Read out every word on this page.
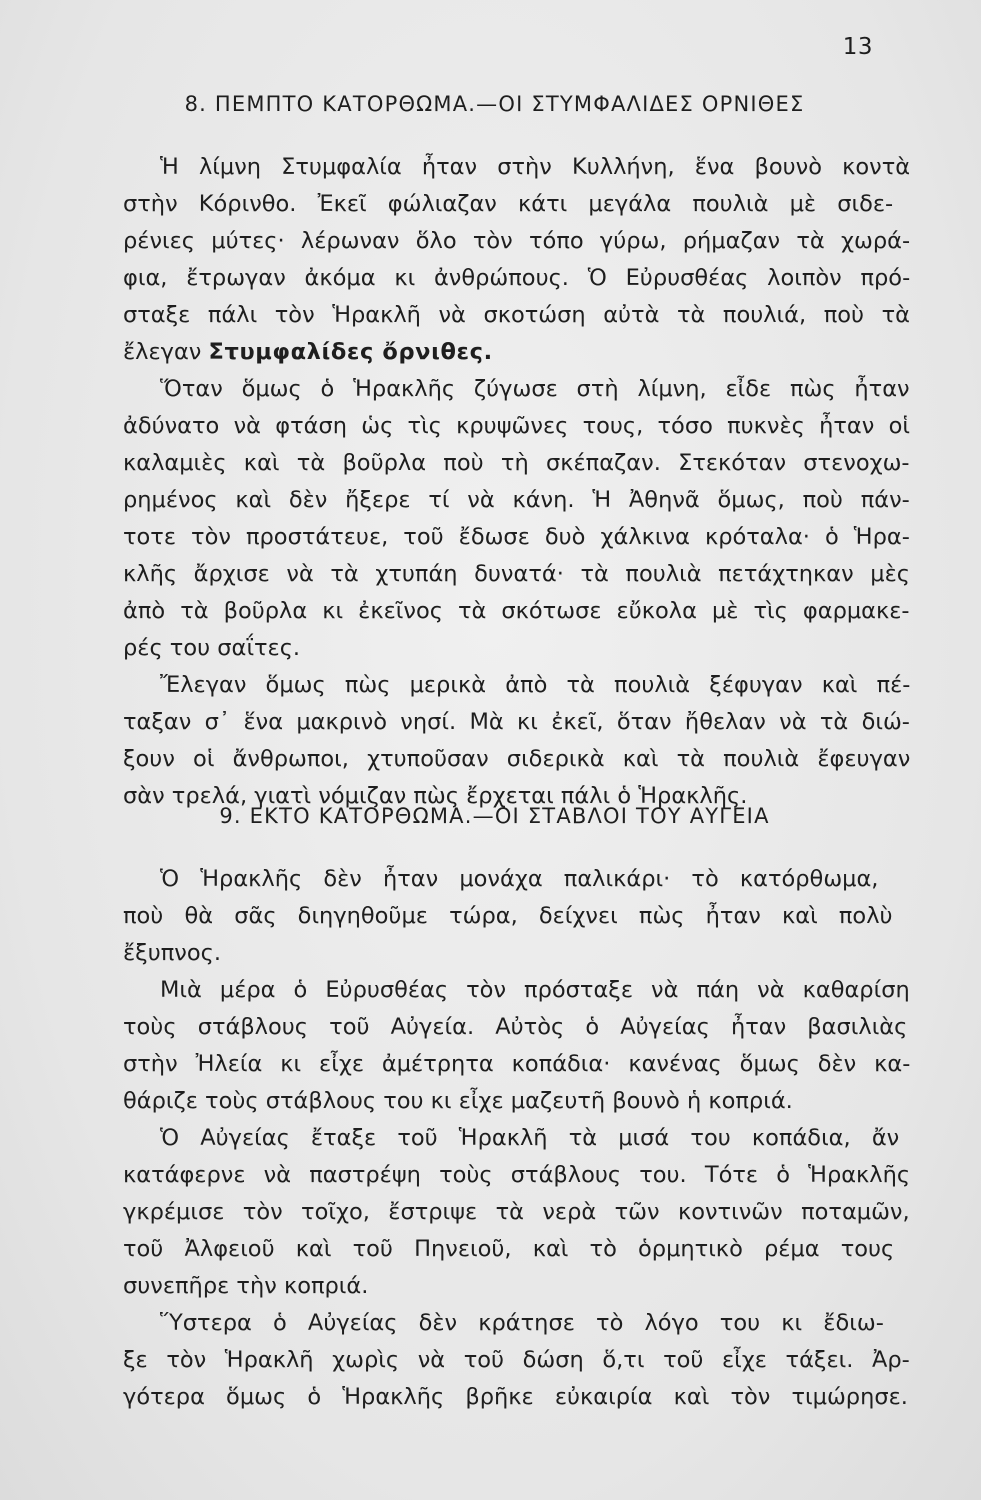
13
8. ΠΕΜΠΤΟ ΚΑΤΟΡΘΩΜΑ.—ΟΙ ΣΤΥΜΦΑΛΙΔΕΣ ΟΡΝΙΘΕΣ
Ἡ λίμνη Στυμφαλία ἦταν στὴν Κυλλήνη, ἕνα βουνὸ κοντὰ
στὴν Κόρινθο. Ἐκεῖ φώλιαζαν κάτι μεγάλα πουλιὰ μὲ σιδε-
ρένιες μύτες· λέρωναν ὅλο τὸν τόπο γύρω, ρήμαζαν τὰ χωρά-
φια, ἔτρωγαν ἀκόμα κι ἀνθρώπους. Ὁ Εὐρυσθέας λοιπὸν πρό-
σταξε πάλι τὸν Ἡρακλῆ νὰ σκοτώση αὐτὰ τὰ πουλιά, ποὺ τὰ
ἔλεγαν Στυμφαλίδες ὄρνιθες.
Ὅταν ὅμως ὁ Ἡρακλῆς ζύγωσε στὴ λίμνη, εἶδε πὼς ἦταν
ἀδύνατο νὰ φτάση ὡς τὶς κρυψῶνες τους, τόσο πυκνὲς ἦταν οἱ
καλαμιὲς καὶ τὰ βοῦρλα ποὺ τὴ σκέπαζαν. Στεκόταν στενοχω-
ρημένος καὶ δὲν ἤξερε τί νὰ κάνη. Ἡ Ἀθηνᾶ ὅμως, ποὺ πάν-
τοτε τὸν προστάτευε, τοῦ ἔδωσε δυὸ χάλκινα κρόταλα· ὁ Ἡρα-
κλῆς ἄρχισε νὰ τὰ χτυπάη δυνατά· τὰ πουλιὰ πετάχτηκαν μὲς
ἀπὸ τὰ βοῦρλα κι ἐκεῖνος τὰ σκότωσε εὔκολα μὲ τὶς φαρμακε-
ρές του σαΐτες.
Ἔλεγαν ὅμως πὼς μερικὰ ἀπὸ τὰ πουλιὰ ξέφυγαν καὶ πέ-
ταξαν σ᾽ ἕνα μακρινὸ νησί. Μὰ κι ἐκεῖ, ὅταν ἤθελαν νὰ τὰ διώ-
ξουν οἱ ἄνθρωποι, χτυποῦσαν σιδερικὰ καὶ τὰ πουλιὰ ἔφευγαν
σὰν τρελά, γιατὶ νόμιζαν πὼς ἔρχεται πάλι ὁ Ἡρακλῆς.
9. ΕΚΤΟ ΚΑΤΟΡΘΩΜΑ.—ΟΙ ΣΤΑΒΛΟΙ ΤΟΥ ΑΥΓΕΙΑ
Ὁ Ἡρακλῆς δὲν ἦταν μονάχα παλικάρι· τὸ κατόρθωμα,
ποὺ θὰ σᾶς διηγηθοῦμε τώρα, δείχνει πὼς ἦταν καὶ πολὺ
ἔξυπνος.
Μιὰ μέρα ὁ Εὐρυσθέας τὸν πρόσταξε νὰ πάη νὰ καθαρίση
τοὺς στάβλους τοῦ Αὐγεία. Αὐτὸς ὁ Αὐγείας ἦταν βασιλιὰς
στὴν Ἠλεία κι εἶχε ἀμέτρητα κοπάδια· κανένας ὅμως δὲν κα-
θάριζε τοὺς στάβλους του κι εἶχε μαζευτῆ βουνὸ ἡ κοπριά.
Ὁ Αὐγείας ἔταξε τοῦ Ἡρακλῆ τὰ μισά του κοπάδια, ἄν
κατάφερνε νὰ παστρέψη τοὺς στάβλους του. Τότε ὁ Ἡρακλῆς
γκρέμισε τὸν τοῖχο, ἔστριψε τὰ νερὰ τῶν κοντινῶν ποταμῶν,
τοῦ Ἀλφειοῦ καὶ τοῦ Πηνειοῦ, καὶ τὸ ὁρμητικὸ ρέμα τους
συνεπῆρε τὴν κοπριά.
Ὕστερα ὁ Αὐγείας δὲν κράτησε τὸ λόγο του κι ἔδιω-
ξε τὸν Ἡρακλῆ χωρὶς νὰ τοῦ δώση ὅ,τι τοῦ εἶχε τάξει. Ἀρ-
γότερα ὅμως ὁ Ἡρακλῆς βρῆκε εὐκαιρία καὶ τὸν τιμώρησε.
